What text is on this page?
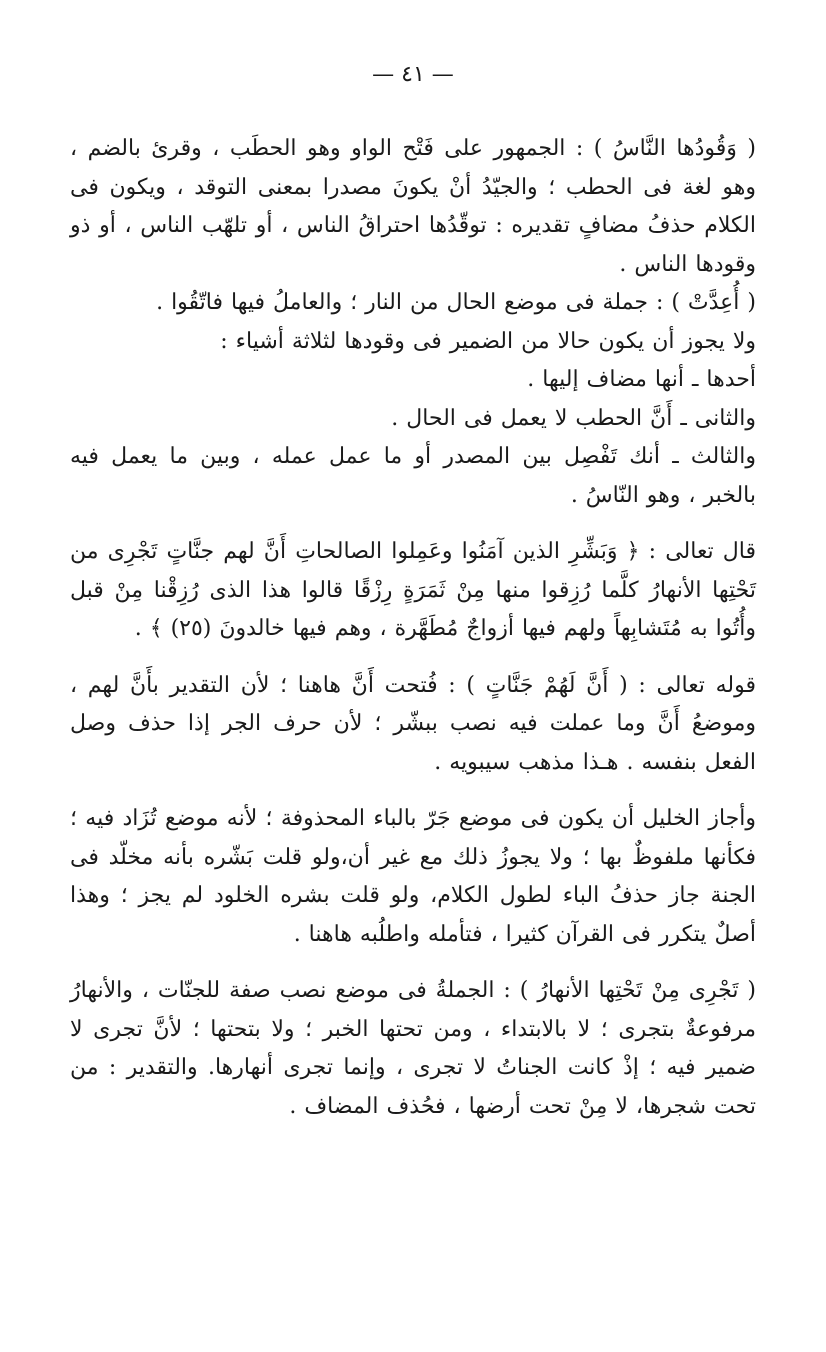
— ٤١ —

( وَقُودُها النَّاسُ ) : الجمهور على فَتْح الواو وهو الحطَب ، وقرئ بالضم ، وهو لغة فى الحطب ؛ والجيّدُ أنْ يكونَ مصدرا بمعنى التوقد ، ويكون فى الكلام حذفُ مضافٍ تقديره : توقّدُها احتراقُ الناس ، أو تلهّب الناس ، أو ذو وقودها الناس .

( أُعِدَّتْ ) : جملة فى موضع الحال من النار ؛ والعاملُ فيها فاتّقُوا .

ولا يجوز أن يكون حالا من الضمير فى وقودها لثلاثة أشياء :

أحدها ـ أنها مضاف إليها .

والثانى ـ أَنَّ الحطب لا يعمل فى الحال .

والثالث ـ أنك تَفْصِل بين المصدر أو ما عمل عمله ، وبين ما يعمل فيه بالخبر ، وهو النّاسُ .

قال تعالى : ﴿ وَبَشِّرِ الذين آمَنُوا وعَمِلوا الصالحاتِ أَنَّ لهم جنَّاتٍ تَجْرِى من تَحْتِها الأنهارُ كلَّما رُزِقوا منها مِنْ ثَمَرَةٍ رِزْقًا قالوا هذا الذى رُزِقْنا مِنْ قبل وأُتُوا به مُتَشابِهاً ولهم فيها أزواجٌ مُطَهَّرة ، وهم فيها خالدونَ (٢٥) ﴾ .

قوله تعالى : ( أَنَّ لَهُمْ جَنَّاتٍ ) : فُتحت أَنَّ هاهنا ؛ لأن التقدير بأَنَّ لهم ، وموضعُ أَنَّ وما عملت فيه نصب ببشّر ؛ لأن حرف الجر إذا حذف وصل الفعل بنفسه . هـذا مذهب سيبويه .

وأجاز الخليل أن يكون فى موضع جَرّ بالباء المحذوفة ؛ لأنه موضع تُزَاد فيه ؛ فكأنها ملفوظٌ بها ؛ ولا يجوزُ ذلك مع غير أن،ولو قلت بَشّره بأنه مخلّد فى الجنة جاز حذفُ الباء لطول الكلام، ولو قلت بشره الخلود لم يجز ؛ وهذا أصلٌ يتكرر فى القرآن كثيرا ، فتأمله واطلُبه هاهنا .

( تَجْرِى مِنْ تَحْتِها الأنهارُ ) : الجملةُ فى موضع نصب صفة للجنّات ، والأنهارُ مرفوعةٌ بتجرى ؛ لا بالابتداء ، ومن تحتها الخبر ؛ ولا بتحتها ؛ لأنَّ تجرى لا ضمير فيه ؛ إذْ كانت الجناتُ لا تجرى ، وإنما تجرى أنهارها. والتقدير : من تحت شجرها، لا مِنْ تحت أرضها ، فحُذف المضاف .
